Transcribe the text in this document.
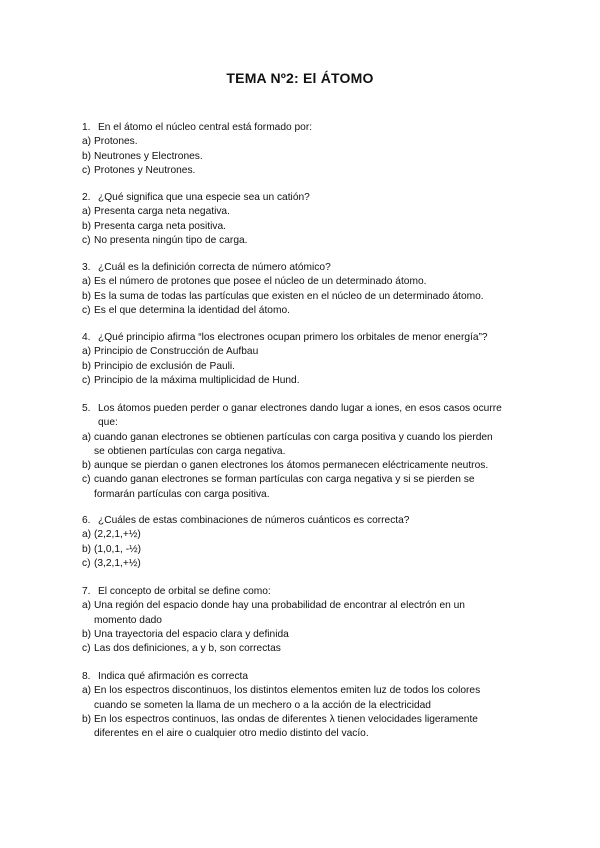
TEMA Nº2: El ÁTOMO
1. En el átomo el núcleo central está formado por:
a) Protones.
b) Neutrones y Electrones.
c) Protones y Neutrones.
2. ¿Qué significa que una especie sea un catión?
a) Presenta carga neta negativa.
b) Presenta carga neta positiva.
c) No presenta ningún tipo de carga.
3. ¿Cuál es la definición correcta de número atómico?
a) Es el número de protones que posee el núcleo de un determinado átomo.
b) Es la suma de todas las partículas que existen en el núcleo de un determinado átomo.
c) Es el que determina la identidad del átomo.
4. ¿Qué principio afirma “los electrones ocupan primero los orbitales de menor energía”?
a) Principio de Construcción de Aufbau
b) Principio de exclusión de Pauli.
c) Principio de la máxima multiplicidad de Hund.
5. Los átomos pueden perder o ganar electrones dando lugar a iones, en esos casos ocurre
que:
a) cuando ganan electrones se obtienen partículas con carga positiva y cuando los pierden
se obtienen partículas con carga negativa.
b) aunque se pierdan o ganen electrones los átomos permanecen eléctricamente neutros.
c) cuando ganan electrones se forman partículas con carga negativa y si se pierden se
formarán partículas con carga positiva.
6. ¿Cuáles de estas combinaciones de números cuánticos es correcta?
a) (2,2,1,+½)
b) (1,0,1, -½)
c) (3,2,1,+½)
7. El concepto de orbital se define como:
a) Una región del espacio donde hay una probabilidad de encontrar al electrón en un
momento dado
b) Una trayectoria del espacio clara y definida
c) Las dos definiciones, a y b, son correctas
8. Indica qué afirmación es correcta
a) En los espectros discontinuos, los distintos elementos emiten luz de todos los colores
cuando se someten la llama de un mechero o a la acción de la electricidad
b) En los espectros continuos, las ondas de diferentes λ tienen velocidades ligeramente
diferentes en el aire o cualquier otro medio distinto del vacío.
